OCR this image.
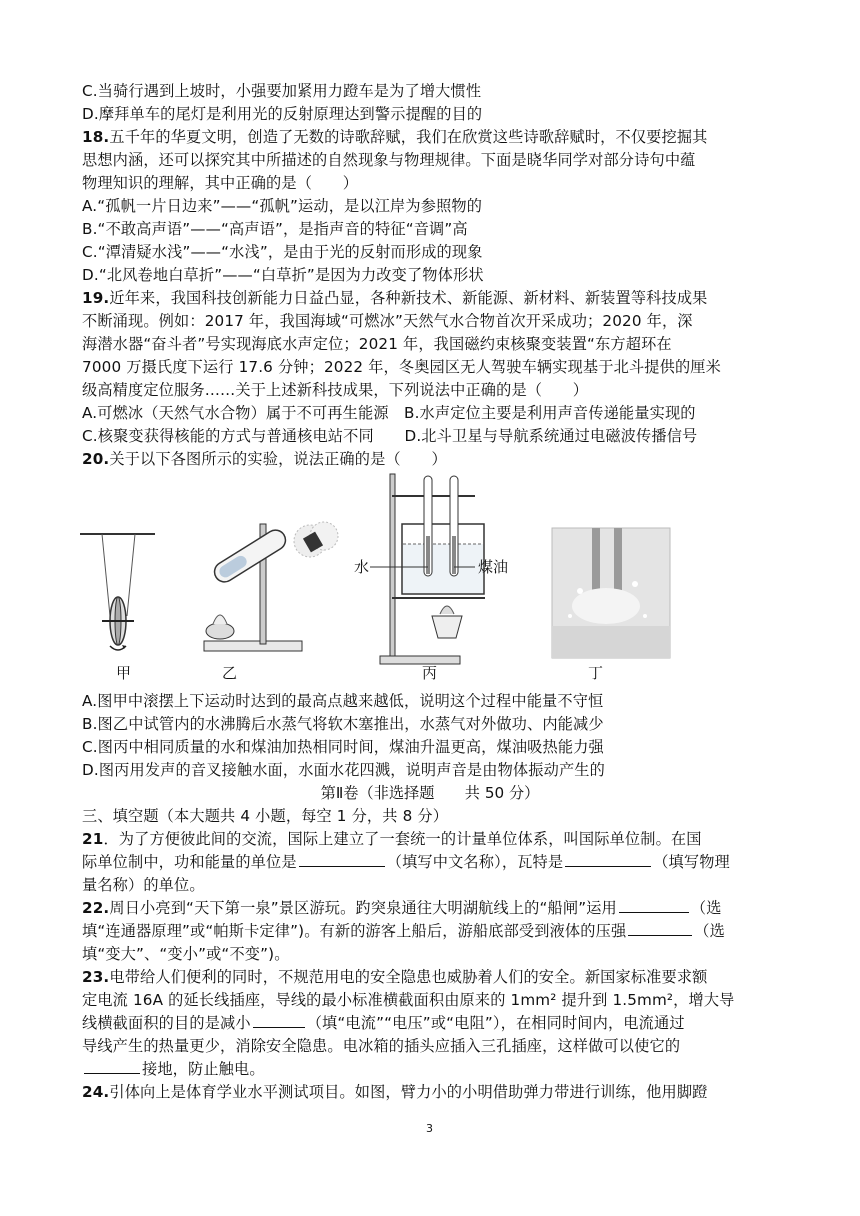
C.当骑行遇到上坡时，小强要加紧用力蹬车是为了增大惯性
D.摩拜单车的尾灯是利用光的反射原理达到警示提醒的目的
18.五千年的华夏文明，创造了无数的诗歌辞赋，我们在欣赏这些诗歌辞赋时，不仅要挖掘其
思想内涵，还可以探究其中所描述的自然现象与物理规律。下面是晓华同学对部分诗句中蕴
物理知识的理解，其中正确的是（　　）
A.“孤帆一片日边来”——“孤帆”运动，是以江岸为参照物的
B.“不敢高声语”——“高声语”，是指声音的特征“音调”高
C.“潭清疑水浅”——“水浅”，是由于光的反射而形成的现象
D.“北风卷地白草折”——“白草折”是因为力改变了物体形状
19.近年来，我国科技创新能力日益凸显，各种新技术、新能源、新材料、新装置等科技成果
不断涌现。例如：2017 年，我国海域“可燃冰”天然气水合物首次开采成功；2020 年，深
海潜水器“奋斗者”号实现海底水声定位；2021 年，我国磁约束核聚变装置“东方超环在
7000 万摄氏度下运行 17.6 分钟；2022 年，冬奥园区无人驾驶车辆实现基于北斗提供的厘米
级高精度定位服务……关于上述新科技成果，下列说法中正确的是（　　）
A.可燃冰（天然气水合物）属于不可再生能源　B.水声定位主要是利用声音传递能量实现的
C.核聚变获得核能的方式与普通核电站不同　　D.北斗卫星与导航系统通过电磁波传播信号
20.关于以下各图所示的实验，说法正确的是（　　）
水	煤油
甲	乙	丙	丁
A.图甲中滚摆上下运动时达到的最高点越来越低，说明这个过程中能量不守恒
B.图乙中试管内的水沸腾后水蒸气将软木塞推出，水蒸气对外做功、内能减少
C.图丙中相同质量的水和煤油加热相同时间，煤油升温更高，煤油吸热能力强
D.图丙用发声的音叉接触水面，水面水花四溅，说明声音是由物体振动产生的
第Ⅱ卷（非选择题　　共 50 分）
三、填空题（本大题共 4 小题，每空 1 分，共 8 分）
21．为了方便彼此间的交流，国际上建立了一套统一的计量单位体系，叫国际单位制。在国
际单位制中，功和能量的单位是	（填写中文名称），瓦特是	（填写物理
量名称）的单位。
22.周日小亮到“天下第一泉”景区游玩。趵突泉通往大明湖航线上的“船闸”运用	（选
填“连通器原理”或“帕斯卡定律”)。有新的游客上船后，游船底部受到液体的压强	（选
填“变大”、“变小”或“不变”)。
23.电带给人们便利的同时，不规范用电的安全隐患也威胁着人们的安全。新国家标准要求额
定电流 16A 的延长线插座，导线的最小标准横截面积由原来的 1mm² 提升到 1.5mm²，增大导
线横截面积的目的是减小	（填“电流”“电压”或“电阻”），在相同时间内，电流通过
导线产生的热量更少，消除安全隐患。电冰箱的插头应插入三孔插座，这样做可以使它的
接地，防止触电。
24.引体向上是体育学业水平测试项目。如图，臂力小的小明借助弹力带进行训练，他用脚蹬
3
